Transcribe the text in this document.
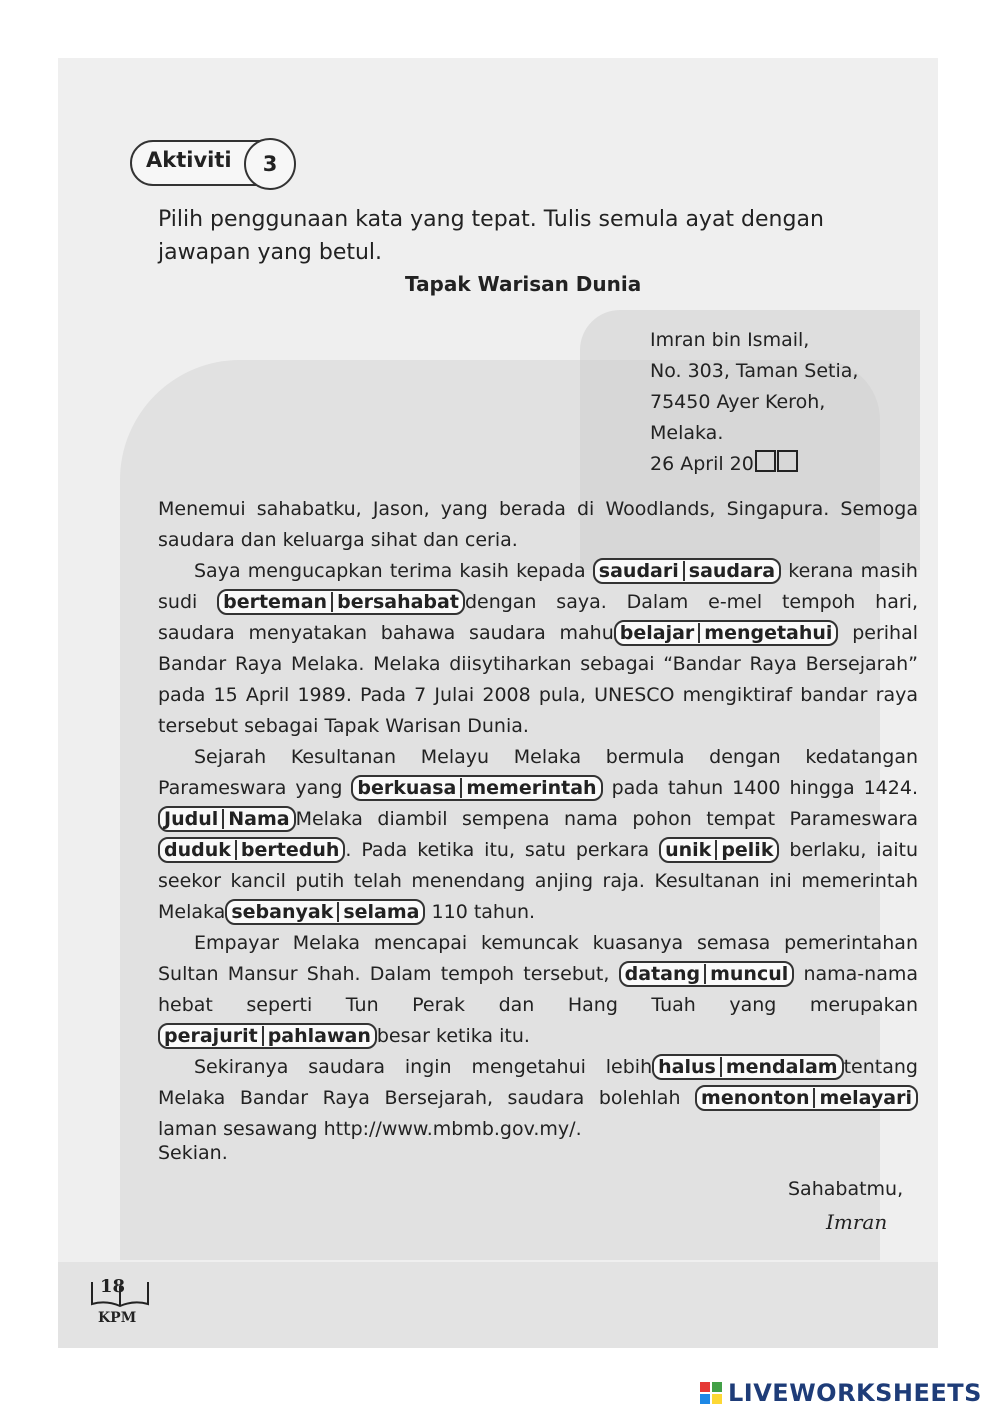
Aktiviti	3
Pilih penggunaan kata yang tepat. Tulis semula ayat dengan jawapan yang betul.
Tapak Warisan Dunia
Imran bin Ismail,
No. 303, Taman Setia,
75450 Ayer Keroh,
Melaka.
26 April 20

Menemui sahabatku, Jason, yang berada di Woodlands, Singapura. Semoga saudara dan keluarga sihat dan ceria.

Saya mengucapkan terima kasih kepada saudari saudara kerana masih sudi berteman bersahabat dengan saya. Dalam e-mel tempoh hari, saudara menyatakan bahawa saudara mahu belajar mengetahui perihal Bandar Raya Melaka. Melaka diisytiharkan sebagai “Bandar Raya Bersejarah” pada 15 April 1989. Pada 7 Julai 2008 pula, UNESCO mengiktiraf bandar raya tersebut sebagai Tapak Warisan Dunia.

Sejarah Kesultanan Melayu Melaka bermula dengan kedatangan Parameswara yang berkuasa memerintah pada tahun 1400 hingga 1424.Judul Nama Melaka diambil sempena nama pohon tempat Parameswaraduduk berteduh . Pada ketika itu, satu perkara unik pelik berlaku, iaitu seekor kancil putih telah menendang anjing raja. Kesultanan ini memerintah Melaka sebanyak selama 110 tahun.

Empayar Melaka mencapai kemuncak kuasanya semasa pemerintahan Sultan Mansur Shah. Dalam tempoh tersebut, datang muncul nama-nama hebat seperti Tun Perak dan Hang Tuah yang merupakan perajurit pahlawan besar ketika itu.

Sekiranya saudara ingin mengetahui lebih halus mendalam tentang Melaka Bandar Raya Bersejarah, saudara bolehlah menonton melayari laman sesawang http://www.mbmb.gov.my/.

Sekian.
Sahabatmu,
Imran
18
KPM
LIVEWORKSHEETS
